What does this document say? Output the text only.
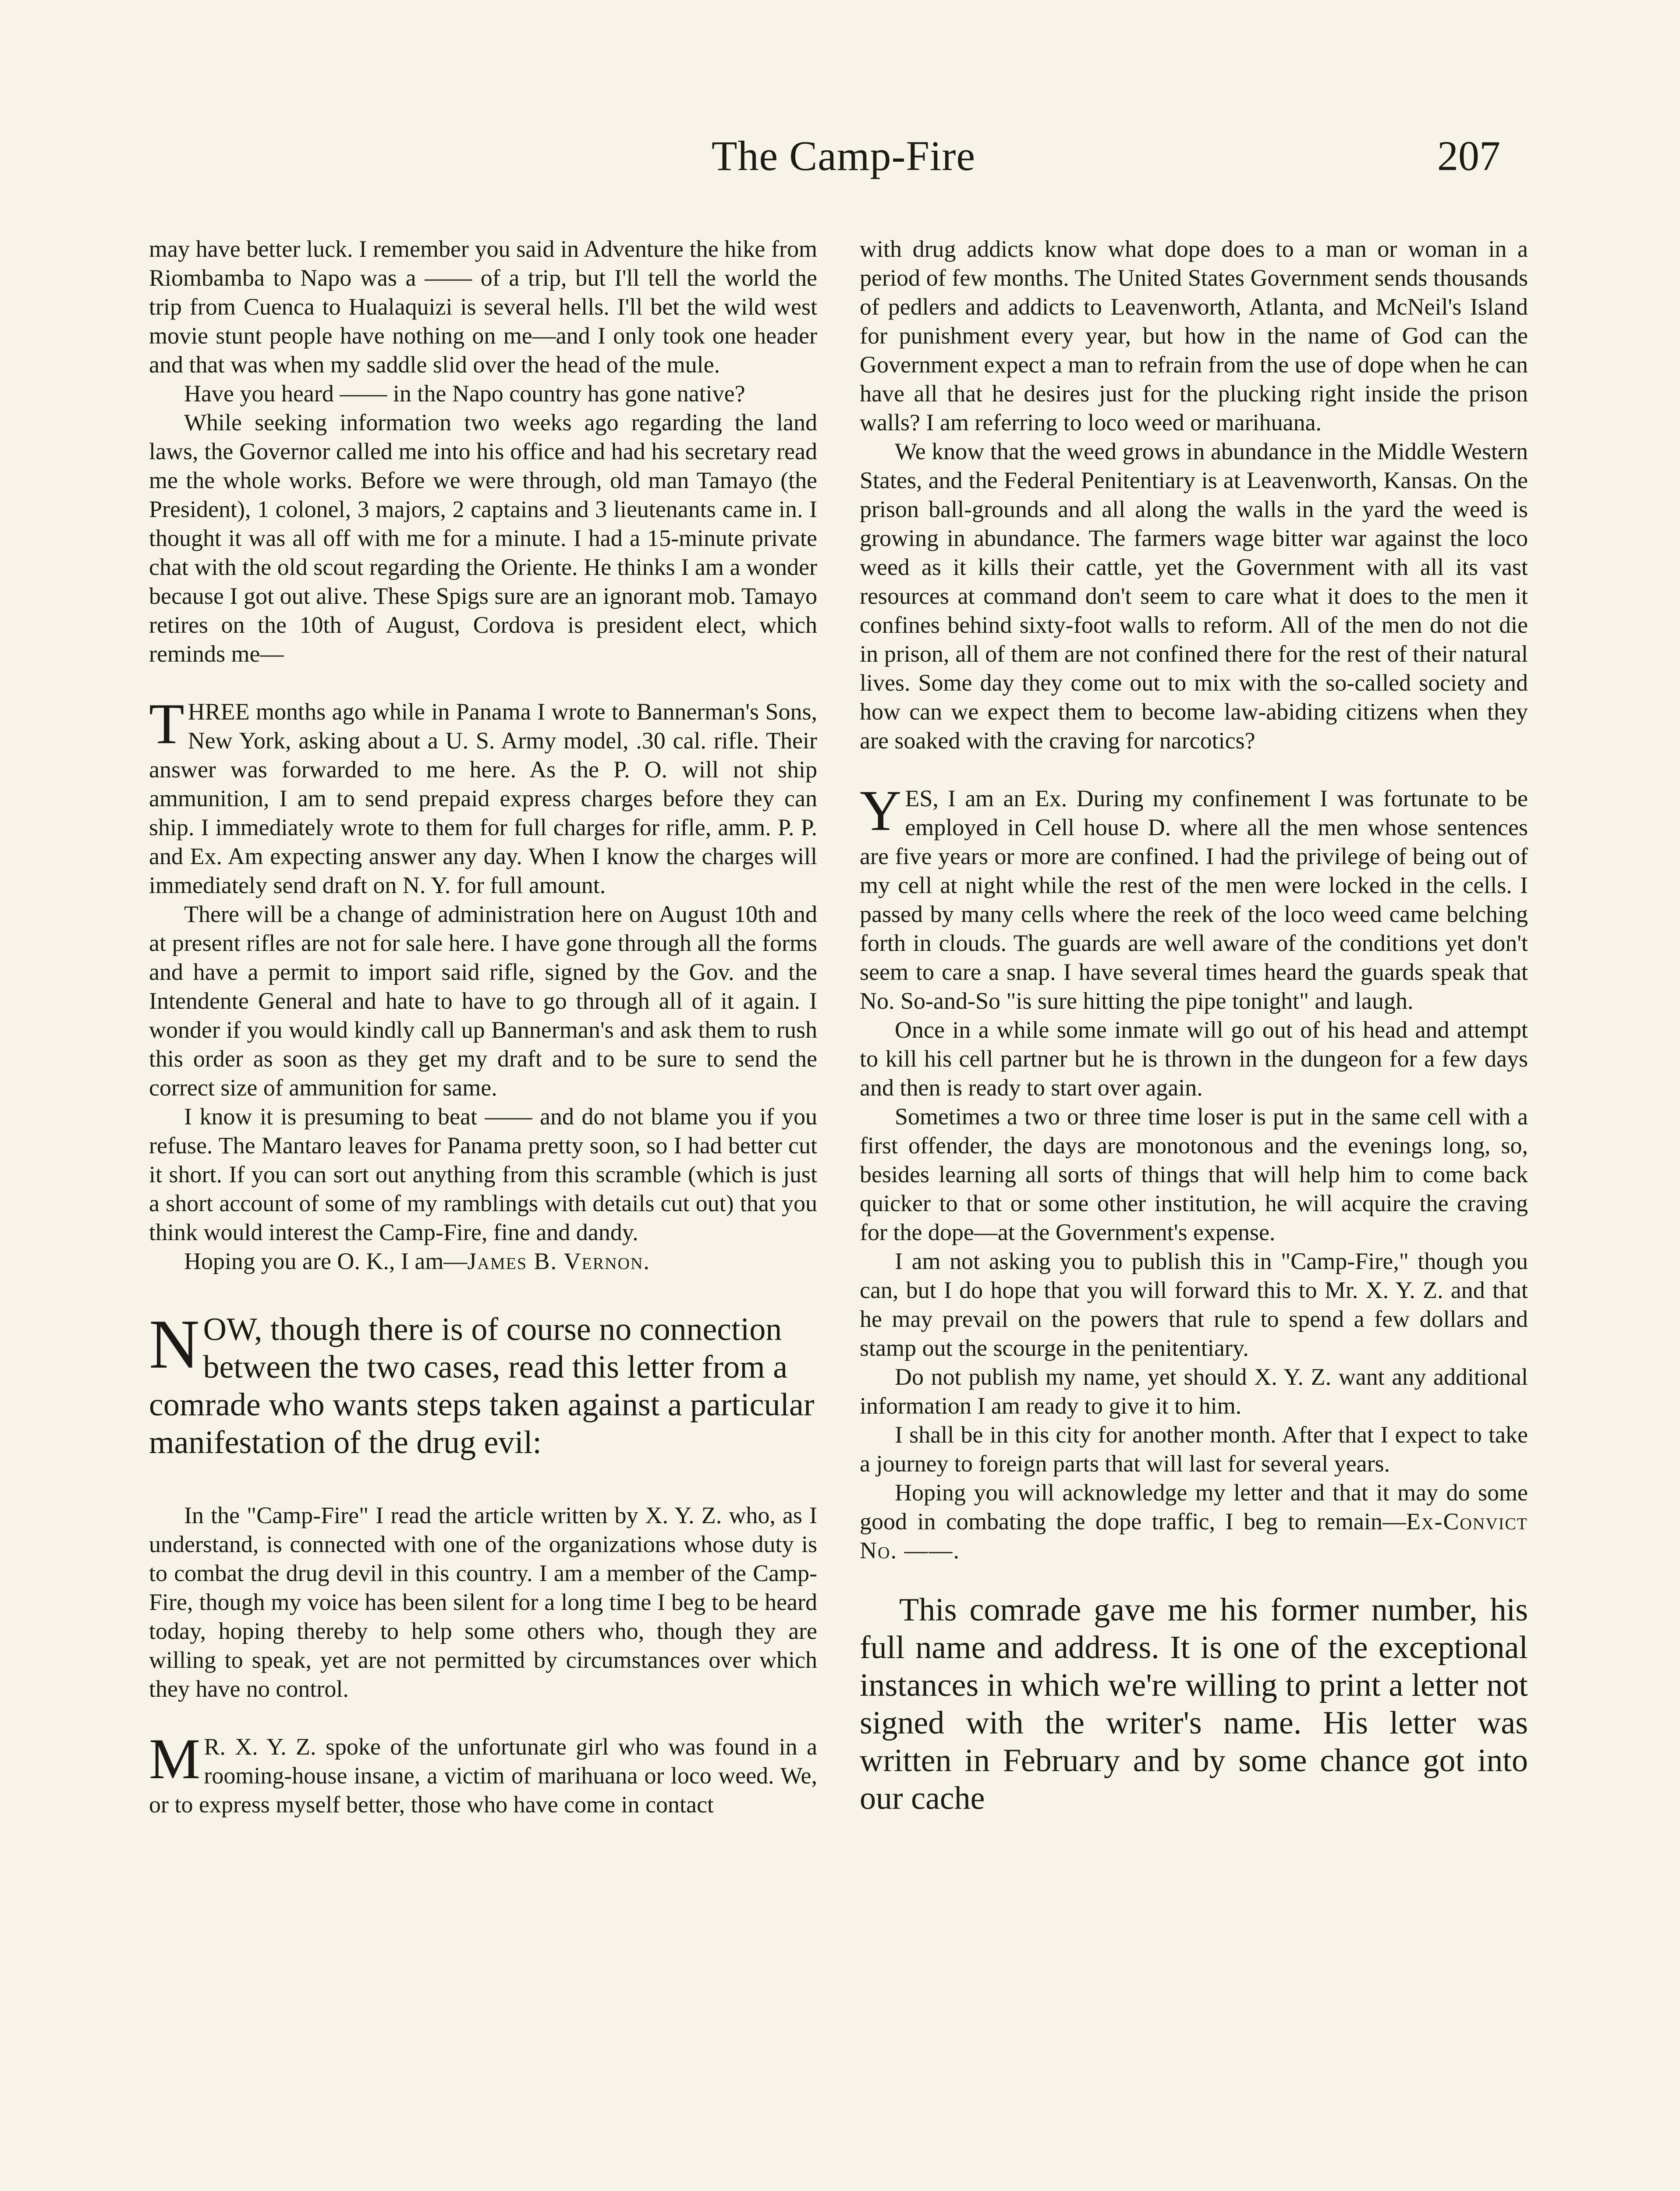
The Camp-Fire	207

may have better luck. I remember you said in Adventure the hike from Riombamba to Napo was a —— of a trip, but I'll tell the world the trip from Cuenca to Hualaquizi is several hells. I'll bet the wild west movie stunt people have nothing on me—and I only took one header and that was when my saddle slid over the head of the mule.

Have you heard —— in the Napo country has gone native?

While seeking information two weeks ago regarding the land laws, the Governor called me into his office and had his secretary read me the whole works. Before we were through, old man Tamayo (the President), 1 colonel, 3 majors, 2 captains and 3 lieutenants came in. I thought it was all off with me for a minute. I had a 15-minute private chat with the old scout regarding the Oriente. He thinks I am a wonder because I got out alive. These Spigs sure are an ignorant mob. Tamayo retires on the 10th of August, Cordova is president elect, which reminds me—

THREE months ago while in Panama I wrote to Bannerman's Sons, New York, asking about a U. S. Army model, .30 cal. rifle. Their answer was forwarded to me here. As the P. O. will not ship ammunition, I am to send prepaid express charges before they can ship. I immediately wrote to them for full charges for rifle, amm. P. P. and Ex. Am expecting answer any day. When I know the charges will immediately send draft on N. Y. for full amount.

There will be a change of administration here on August 10th and at present rifles are not for sale here. I have gone through all the forms and have a permit to import said rifle, signed by the Gov. and the Intendente General and hate to have to go through all of it again. I wonder if you would kindly call up Bannerman's and ask them to rush this order as soon as they get my draft and to be sure to send the correct size of ammunition for same.

I know it is presuming to beat —— and do not blame you if you refuse. The Mantaro leaves for Panama pretty soon, so I had better cut it short. If you can sort out anything from this scramble (which is just a short account of some of my ramblings with details cut out) that you think would interest the Camp-Fire, fine and dandy.

Hoping you are O. K., I am—James B. Vernon.

NOW, though there is of course no connection between the two cases, read this letter from a comrade who wants steps taken against a particular manifestation of the drug evil:

In the "Camp-Fire" I read the article written by X. Y. Z. who, as I understand, is connected with one of the organizations whose duty is to combat the drug devil in this country. I am a member of the Camp-Fire, though my voice has been silent for a long time I beg to be heard today, hoping thereby to help some others who, though they are willing to speak, yet are not permitted by circumstances over which they have no control.

M R. X. Y. Z. spoke of the unfortunate girl who was found in a rooming-house insane, a victim of marihuana or loco weed. We, or to express myself better, those who have come in contact

with drug addicts know what dope does to a man or woman in a period of few months. The United States Government sends thousands of pedlers and addicts to Leavenworth, Atlanta, and McNeil's Island for punishment every year, but how in the name of God can the Government expect a man to refrain from the use of dope when he can have all that he desires just for the plucking right inside the prison walls? I am referring to loco weed or marihuana.

We know that the weed grows in abundance in the Middle Western States, and the Federal Penitentiary is at Leavenworth, Kansas. On the prison ball-grounds and all along the walls in the yard the weed is growing in abundance. The farmers wage bitter war against the loco weed as it kills their cattle, yet the Government with all its vast resources at command don't seem to care what it does to the men it confines behind sixty-foot walls to reform. All of the men do not die in prison, all of them are not confined there for the rest of their natural lives. Some day they come out to mix with the so-called society and how can we expect them to become law-abiding citizens when they are soaked with the craving for narcotics?

YES, I am an Ex. During my confinement I was fortunate to be employed in Cell house D. where all the men whose sentences are five years or more are confined. I had the privilege of being out of my cell at night while the rest of the men were locked in the cells. I passed by many cells where the reek of the loco weed came belching forth in clouds. The guards are well aware of the conditions yet don't seem to care a snap. I have several times heard the guards speak that No. So-and-So "is sure hitting the pipe tonight" and laugh.

Once in a while some inmate will go out of his head and attempt to kill his cell partner but he is thrown in the dungeon for a few days and then is ready to start over again.

Sometimes a two or three time loser is put in the same cell with a first offender, the days are monotonous and the evenings long, so, besides learning all sorts of things that will help him to come back quicker to that or some other institution, he will acquire the craving for the dope—at the Government's expense.

I am not asking you to publish this in "Camp-Fire," though you can, but I do hope that you will forward this to Mr. X. Y. Z. and that he may prevail on the powers that rule to spend a few dollars and stamp out the scourge in the penitentiary.

Do not publish my name, yet should X. Y. Z. want any additional information I am ready to give it to him.

I shall be in this city for another month. After that I expect to take a journey to foreign parts that will last for several years.

Hoping you will acknowledge my letter and that it may do some good in combating the dope traffic, I beg to remain—Ex-Convict No. ——.

This comrade gave me his former number, his full name and address. It is one of the exceptional instances in which we're willing to print a letter not signed with the writer's name. His letter was written in February and by some chance got into our cache
